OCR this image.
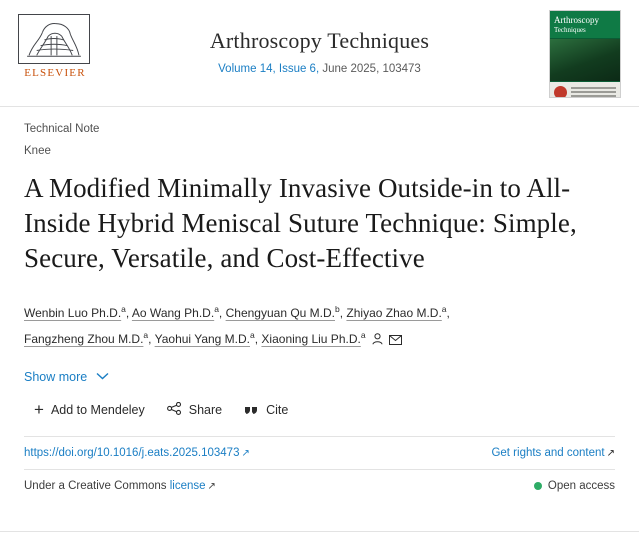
ELSEVIER
Arthroscopy Techniques
Volume 14, Issue 6, June 2025, 103473
Arthroscopy
Techniques
Technical Note
Knee
A Modified Minimally Invasive Outside-in to All-Inside Hybrid Meniscal Suture Technique: Simple, Secure, Versatile, and Cost-Effective
Wenbin Luo Ph.D.$^a$, Ao Wang Ph.D.$^a$, Chengyuan Qu M.D.$^b$, Zhiyao Zhao M.D.$^a$,
Fangzheng Zhou M.D.$^a$, Yaohui Yang M.D.$^a$, Xiaoning Liu Ph.D.$^a$
Show more
+ Add to Mendeley	Share	Cite
https://doi.org/10.1016/j.eats.2025.103473 ↗	Get rights and content ↗
Under a Creative Commons license ↗	Open access
